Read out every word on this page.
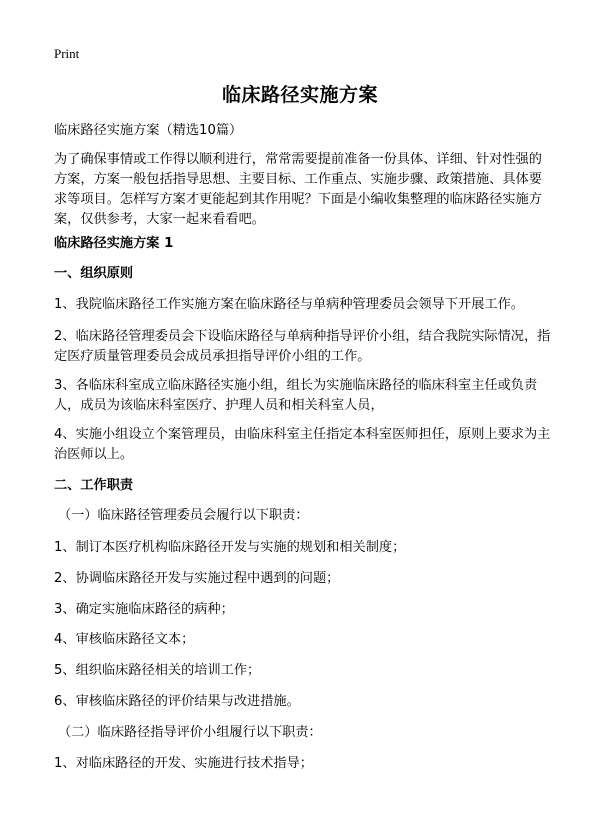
Print
临床路径实施方案
临床路径实施方案（精选10篇）
为了确保事情或工作得以顺利进行，常常需要提前准备一份具体、详细、针对性强的方案，方案一般包括指导思想、主要目标、工作重点、实施步骤、政策措施、具体要求等项目。怎样写方案才更能起到其作用呢？下面是小编收集整理的临床路径实施方案，仅供参考，大家一起来看看吧。
临床路径实施方案 1
一、组织原则
1、我院临床路径工作实施方案在临床路径与单病种管理委员会领导下开展工作。
2、临床路径管理委员会下设临床路径与单病种指导评价小组，结合我院实际情况，指定医疗质量管理委员会成员承担指导评价小组的工作。
3、各临床科室成立临床路径实施小组，组长为实施临床路径的临床科室主任或负责人，成员为该临床科室医疗、护理人员和相关科室人员，
4、实施小组设立个案管理员，由临床科室主任指定本科室医师担任，原则上要求为主治医师以上。
二、工作职责
（一）临床路径管理委员会履行以下职责：
1、制订本医疗机构临床路径开发与实施的规划和相关制度；
2、协调临床路径开发与实施过程中遇到的问题；
3、确定实施临床路径的病种；
4、审核临床路径文本；
5、组织临床路径相关的培训工作；
6、审核临床路径的评价结果与改进措施。
（二）临床路径指导评价小组履行以下职责：
1、对临床路径的开发、实施进行技术指导；
